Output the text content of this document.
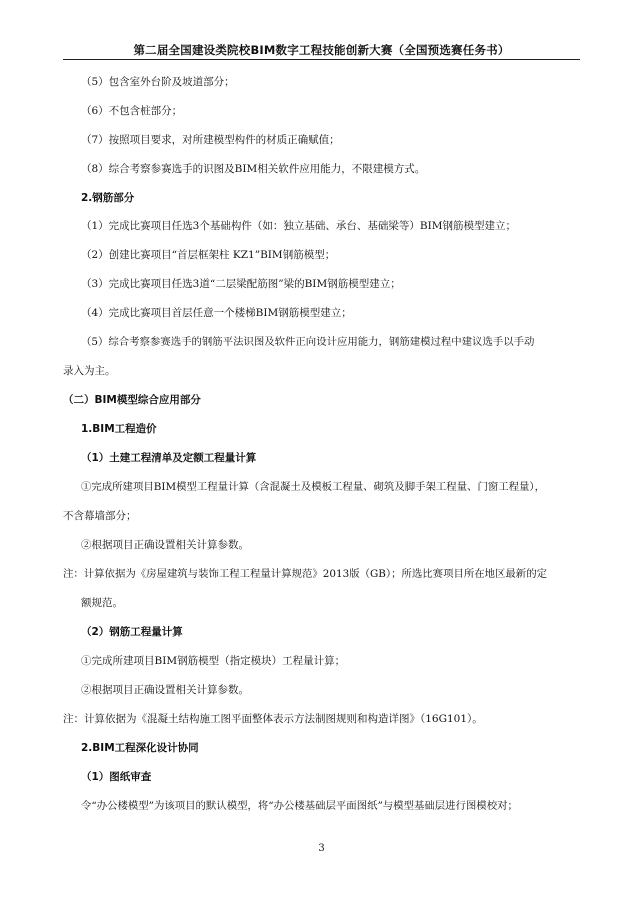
第二届全国建设类院校BIM数字工程技能创新大赛（全国预选赛任务书）
（5）包含室外台阶及坡道部分；
（6）不包含桩部分；
（7）按照项目要求，对所建模型构件的材质正确赋值；
（8）综合考察参赛选手的识图及BIM相关软件应用能力，不限建模方式。
2.钢筋部分
（1）完成比赛项目任选3个基础构件（如：独立基础、承台、基础梁等）BIM钢筋模型建立；
（2）创建比赛项目“首层框架柱 KZ1”BIM钢筋模型；
（3）完成比赛项目任选3道“二层梁配筋图”梁的BIM钢筋模型建立；
（4）完成比赛项目首层任意一个楼梯BIM钢筋模型建立；
（5）综合考察参赛选手的钢筋平法识图及软件正向设计应用能力，钢筋建模过程中建议选手以手动
录入为主。
（二）BIM模型综合应用部分
1.BIM工程造价
（1）土建工程清单及定额工程量计算
①完成所建项目BIM模型工程量计算（含混凝土及模板工程量、砌筑及脚手架工程量、门窗工程量），
不含幕墙部分；
②根据项目正确设置相关计算参数。
注：计算依据为《房屋建筑与装饰工程工程量计算规范》2013版（GB）；所选比赛项目所在地区最新的定
额规范。
（2）钢筋工程量计算
①完成所建项目BIM钢筋模型（指定模块）工程量计算；
②根据项目正确设置相关计算参数。
注：计算依据为《混凝土结构施工图平面整体表示方法制图规则和构造详图》（16G101）。
2.BIM工程深化设计协同
（1）图纸审查
令“办公楼模型”为该项目的默认模型，将“办公楼基础层平面图纸”与模型基础层进行图模校对；
3
